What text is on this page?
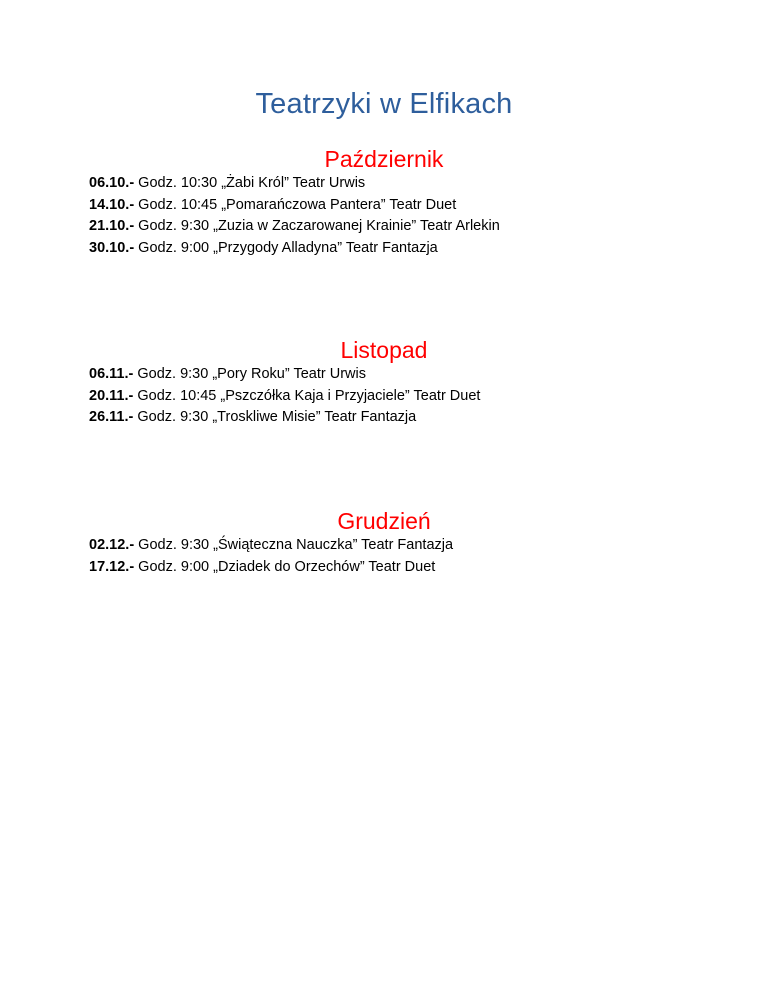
Teatrzyki w Elfikach
Październik
06.10.- Godz. 10:30 „Żabi Król” Teatr Urwis
14.10.- Godz. 10:45 „Pomarańczowa Pantera” Teatr Duet
21.10.- Godz. 9:30 „Zuzia w Zaczarowanej Krainie” Teatr Arlekin
30.10.- Godz. 9:00 „Przygody Alladyna” Teatr Fantazja
Listopad
06.11.- Godz. 9:30 „Pory Roku” Teatr Urwis
20.11.- Godz. 10:45 „Pszczółka Kaja i Przyjaciele” Teatr Duet
26.11.- Godz. 9:30 „Troskliwe Misie” Teatr Fantazja
Grudzień
02.12.- Godz. 9:30 „Świąteczna Nauczka” Teatr Fantazja
17.12.- Godz. 9:00 „Dziadek do Orzechów” Teatr Duet
